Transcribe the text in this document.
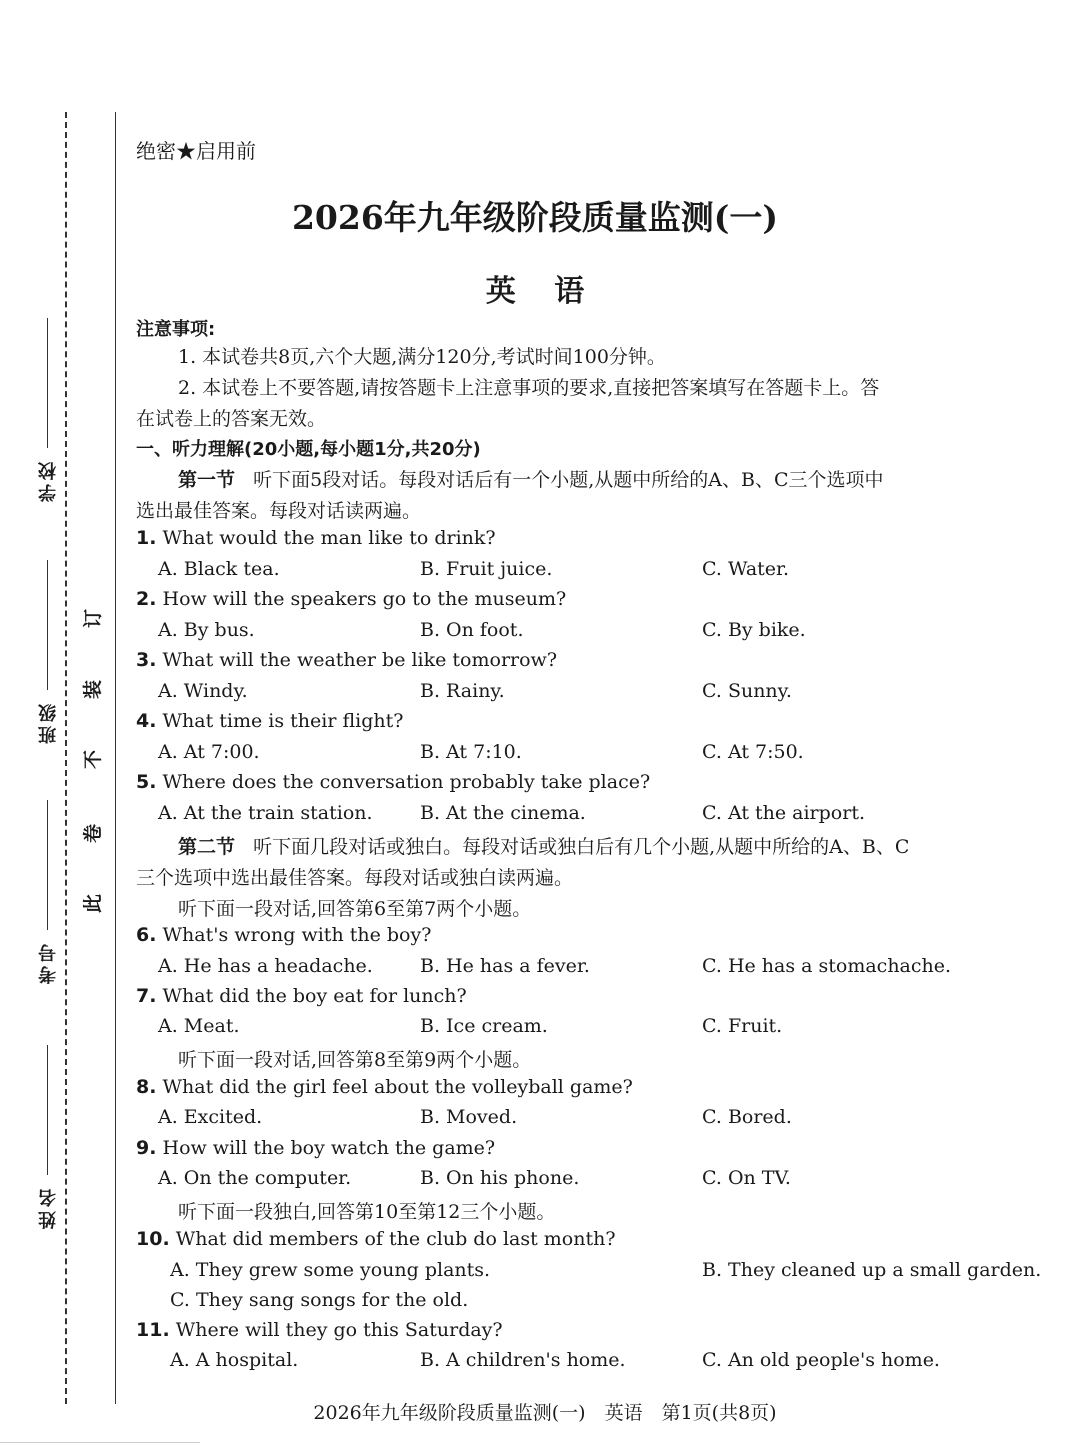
学校
班级
考号
姓名
此
卷
不
装
订
绝密★启用前
2026年九年级阶段质量监测(一)
英 语
注意事项:
1. 本试卷共8页,六个大题,满分120分,考试时间100分钟。
2. 本试卷上不要答题,请按答题卡上注意事项的要求,直接把答案填写在答题卡上。答
在试卷上的答案无效。
一、听力理解(20小题,每小题1分,共20分)
第一节 听下面5段对话。每段对话后有一个小题,从题中所给的A、B、C三个选项中
选出最佳答案。每段对话读两遍。
1. What would the man like to drink?
A. Black tea.	B. Fruit juice.	C. Water.
2. How will the speakers go to the museum?
A. By bus.	B. On foot.	C. By bike.
3. What will the weather be like tomorrow?
A. Windy.	B. Rainy.	C. Sunny.
4. What time is their flight?
A. At 7:00.	B. At 7:10.	C. At 7:50.
5. Where does the conversation probably take place?
A. At the train station. B. At the cinema.	C. At the airport.
第二节 听下面几段对话或独白。每段对话或独白后有几个小题,从题中所给的A、B、C
三个选项中选出最佳答案。每段对话或独白读两遍。
听下面一段对话,回答第6至第7两个小题。
6. What's wrong with the boy?
A. He has a headache. B. He has a fever.	C. He has a stomachache.
7. What did the boy eat for lunch?
A. Meat.	B. Ice cream.	C. Fruit.
听下面一段对话,回答第8至第9两个小题。
8. What did the girl feel about the volleyball game?
A. Excited.	B. Moved.	C. Bored.
9. How will the boy watch the game?
A. On the computer.	B. On his phone.	C. On TV.
听下面一段独白,回答第10至第12三个小题。
10. What did members of the club do last month?
A. They grew some young plants.	B. They cleaned up a small garden.
C. They sang songs for the old.
11. Where will they go this Saturday?
A. A hospital.	B. A children's home.	C. An old people's home.
2026年九年级阶段质量监测(一)　英语　第1页(共8页)
